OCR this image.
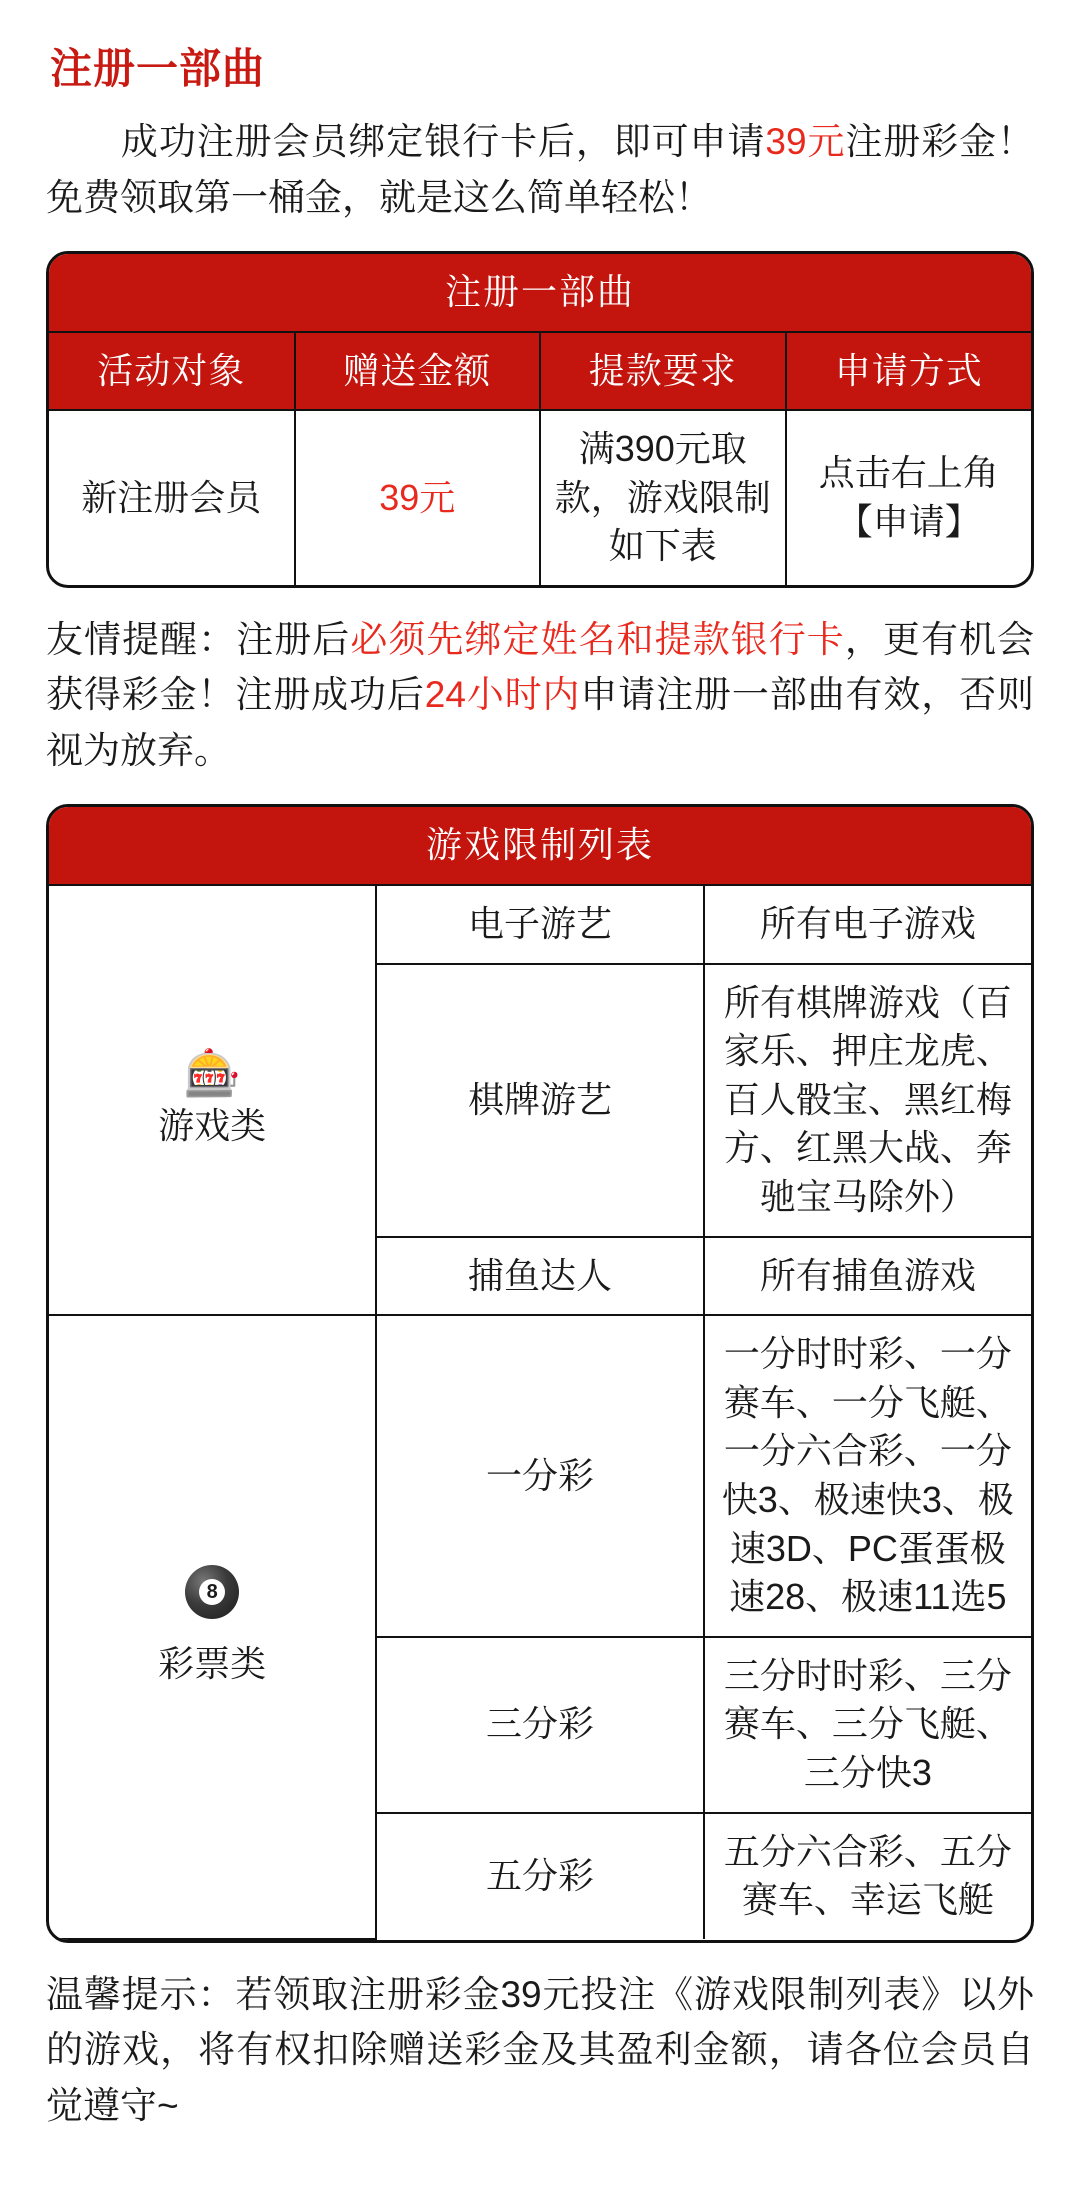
注册一部曲

成功注册会员绑定银行卡后，即可申请39元注册彩金！免费领取第一桶金，就是这么简单轻松！

注册一部曲			
活动对象	赠送金额	提款要求	申请方式
新注册会员	39元	满390元取款，游戏限制如下表	点击右上角【申请】

友情提醒：注册后必须先绑定姓名和提款银行卡，更有机会获得彩金！注册成功后24小时内申请注册一部曲有效，否则视为放弃。

游戏限制列表		

🎰
游戏类	电子游艺	所有电子游戏
	棋牌游艺	所有棋牌游戏（百家乐、押庄龙虎、百人骰宝、黑红梅方、红黑大战、奔驰宝马除外）
	捕鱼达人	所有捕鱼游戏
8
彩票类	一分彩	一分时时彩、一分赛车、一分飞艇、一分六合彩、一分快3、极速快3、极速3D、PC蛋蛋极速28、极速11选5
	三分彩	三分时时彩、三分赛车、三分飞艇、三分快3
	五分彩	五分六合彩、五分赛车、幸运飞艇

温馨提示：若领取注册彩金39元投注《游戏限制列表》以外的游戏，将有权扣除赠送彩金及其盈利金额，请各位会员自觉遵守~
